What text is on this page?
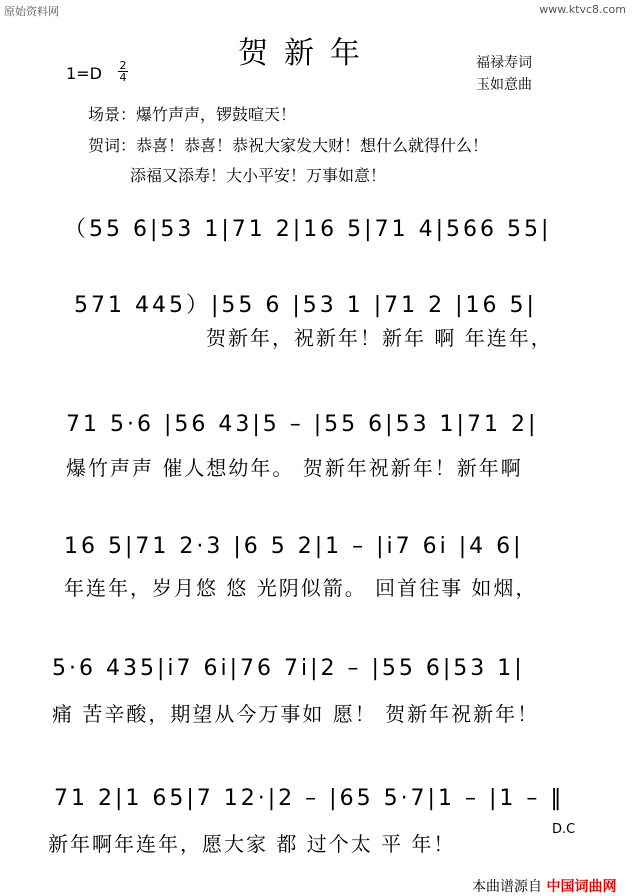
原始资料网	www.ktvc8.com
贺新年	福禄寿词
玉如意曲
$1=D \frac{2}{4}$
场景：爆竹声声，锣鼓喧天！
贺词：恭喜！恭喜！恭祝大家发大财！想什么就得什么！
添福又添寿！大小平安！万事如意！
（55 6|53 1|71 2|16 5|71 4|566 55|
571 445）|55 6 |53 1 |71 2 |16 5|
贺新年，祝新年！新年 啊 年连年，
71 5·6 |56 43|5 – |55 6|53 1|71 2|
爆竹声声 催人想幼年。 贺新年祝新年！新年啊
16 5|71 2·3 |6 5 2|1 – |i7 6i |4 6|
年连年，岁月悠 悠 光阴似箭。 回首往事 如烟，
5·6 435|i7 6i|76 7i|2 – |55 6|53 1|
痛 苦辛酸，期望从今万事如 愿！ 贺新年祝新年！
71 2|1 65|7 12·|2 – |65 5·7|1 – |1 – ‖
新年啊年连年，愿大家 都 过个太 平 年！
D.C
本曲谱源自 中国词曲网
